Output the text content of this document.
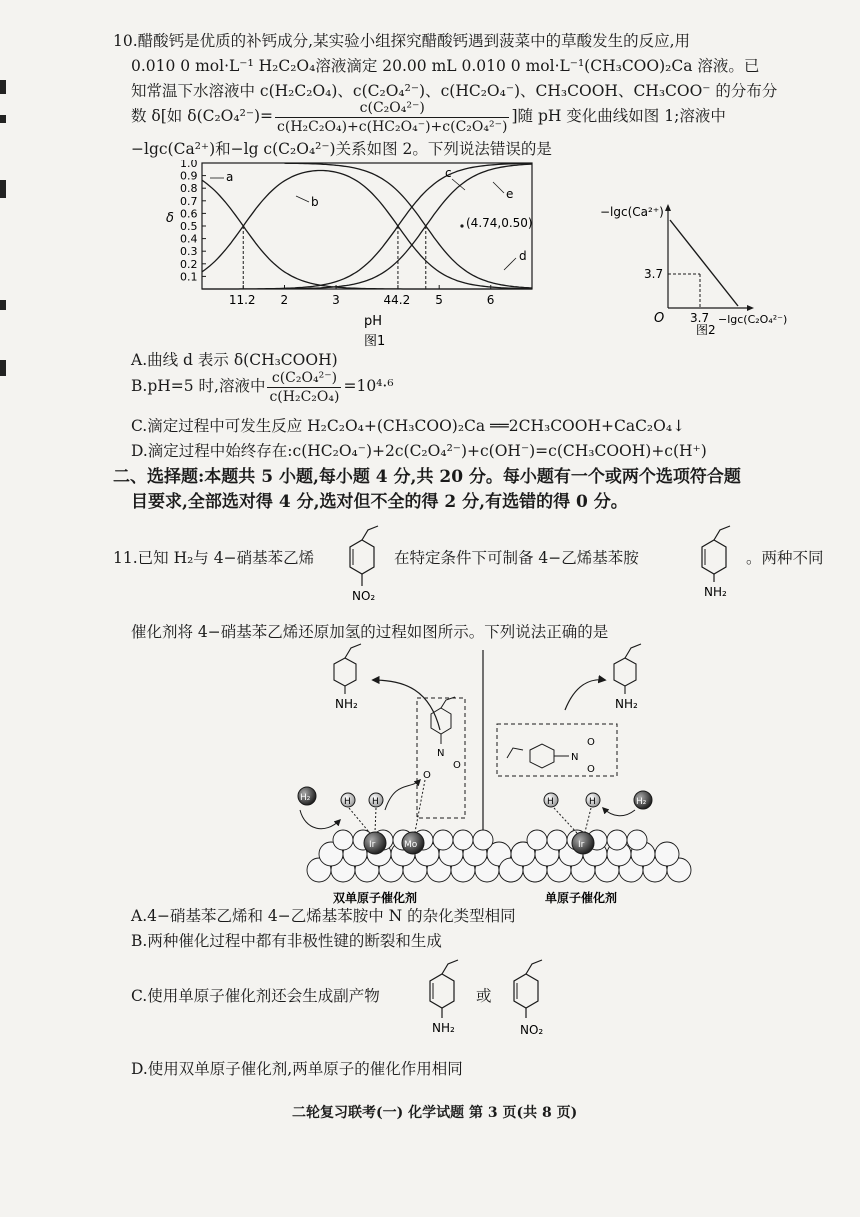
10.醋酸钙是优质的补钙成分,某实验小组探究醋酸钙遇到菠菜中的草酸发生的反应,用
0.010 0 mol·L⁻¹ H₂C₂O₄溶液滴定 20.00 mL 0.010 0 mol·L⁻¹(CH₃COO)₂Ca 溶液。已
知常温下水溶液中 c(H₂C₂O₄)、c(C₂O₄²⁻)、c(HC₂O₄⁻)、CH₃COOH、CH₃COO⁻ 的分布分
数 δ[如 $\delta(C_2O_4^{2-})= \frac{\text{c(C₂O₄²⁻)}}{\text{c(H₂C₂O₄)+c(HC₂O₄⁻)+c(C₂O₄²⁻)}}$ ]随 pH 变化曲线如图 1;溶液中
−lgc(Ca²⁺)和−lg c(C₂O₄²⁻)关系如图 2。下列说法错误的是
δ
1.0
0.9
0.8
0.7
0.6
0.5
0.4
0.3
0.2
0.1
11.2 2	3	44.2 5	6
a
b
c
e
d
(4.74,0.50)
pH
图1
−lgc(Ca²⁺)
3.7
O 3.7 −lgc(C₂O₄²⁻)
图2
A.曲线 d 表示 δ(CH₃COOH)
B.pH=5 时,溶液中 $\frac{\text{c(C₂O₄²⁻)}}{\text{c(H₂C₂O₄)}} =10^4\cdot^6$
C.滴定过程中可发生反应 H₂C₂O₄+(CH₃COO)₂Ca ══2CH₃COOH+CaC₂O₄↓
D.滴定过程中始终存在:c(HC₂O₄⁻)+2c(C₂O₄²⁻)+c(OH⁻)=c(CH₃COOH)+c(H⁺)
二、选择题:本题共 5 小题,每小题 4 分,共 20 分。每小题有一个或两个选项符合题
目要求,全部选对得 4 分,选对但不全的得 2 分,有选错的得 0 分。
11.已知 H₂与 4−硝基苯乙烯
NO₂
在特定条件下可制备 4−乙烯基苯胺
NH₂
。两种不同
催化剂将 4−硝基苯乙烯还原加氢的过程如图所示。下列说法正确的是
NH₂
N
O
O
Ir	Mo
H₂	H H
双单原子催化剂
NH₂
N
O
O
Ir
H	H	H₂
单原子催化剂
A.4−硝基苯乙烯和 4−乙烯基苯胺中 N 的杂化类型相同
B.两种催化过程中都有非极性键的断裂和生成
C.使用单原子催化剂还会生成副产物
NH₂
或
NO₂
D.使用双单原子催化剂,两单原子的催化作用相同
二轮复习联考(一) 化学试题 第 3 页(共 8 页)
